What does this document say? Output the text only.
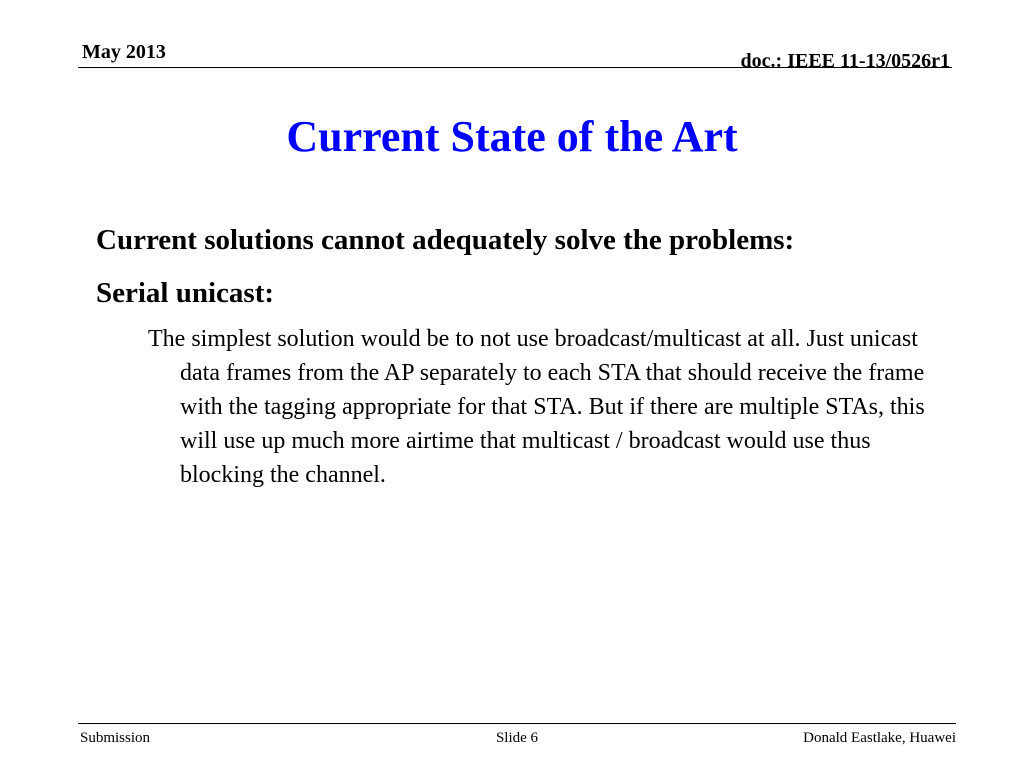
May 2013	doc.: IEEE 11-13/0526r1
Current State of the Art

Current solutions cannot adequately solve the problems:

Serial unicast:

The simplest solution would be to not use broadcast/multicast at all. Just unicast data frames from the AP separately to each STA that should receive the frame with the tagging appropriate for that STA. But if there are multiple STAs, this will use up much more airtime that multicast / broadcast would use thus blocking the channel.

Submission	Slide 6	Donald Eastlake, Huawei
